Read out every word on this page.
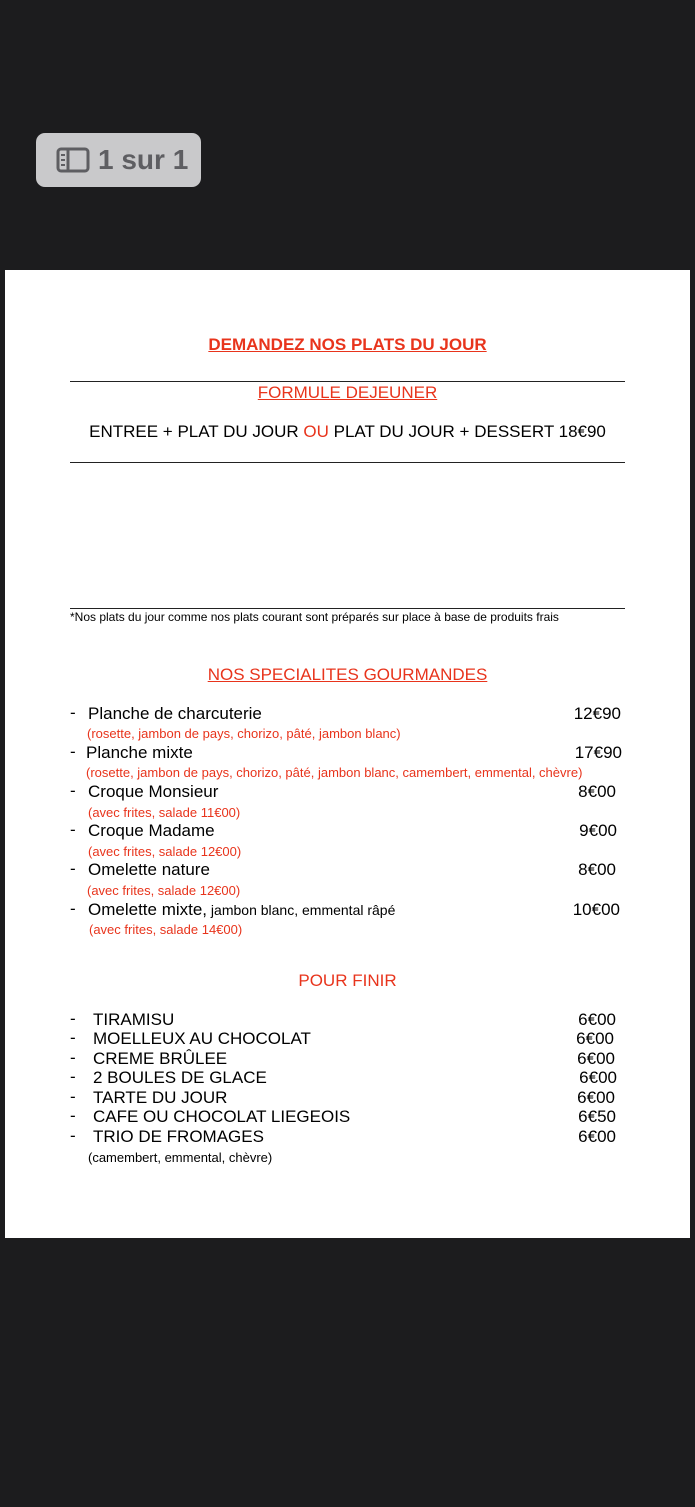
1 sur 1
DEMANDEZ NOS PLATS DU JOUR
FORMULE DEJEUNER
ENTREE + PLAT DU JOUR OU PLAT DU JOUR + DESSERT 18€90
*Nos plats du jour comme nos plats courant sont préparés sur place à base de produits frais
NOS SPECIALITES GOURMANDES
- Planche de charcuterie	12€90
(rosette, jambon de pays, chorizo, pâté, jambon blanc)
- Planche mixte	17€90
(rosette, jambon de pays, chorizo, pâté, jambon blanc, camembert, emmental, chèvre)
- Croque Monsieur	8€00
(avec frites, salade 11€00)
- Croque Madame	9€00
(avec frites, salade 12€00)
- Omelette nature	8€00
(avec frites, salade 12€00)
- Omelette mixte, jambon blanc, emmental râpé	10€00
(avec frites, salade 14€00)
POUR FINIR
- TIRAMISU	6€00
- MOELLEUX AU CHOCOLAT	6€00
- CREME BRÛLEE	6€00
- 2 BOULES DE GLACE	6€00
- TARTE DU JOUR	6€00
- CAFE OU CHOCOLAT LIEGEOIS	6€50
- TRIO DE FROMAGES	6€00
(camembert, emmental, chèvre)
